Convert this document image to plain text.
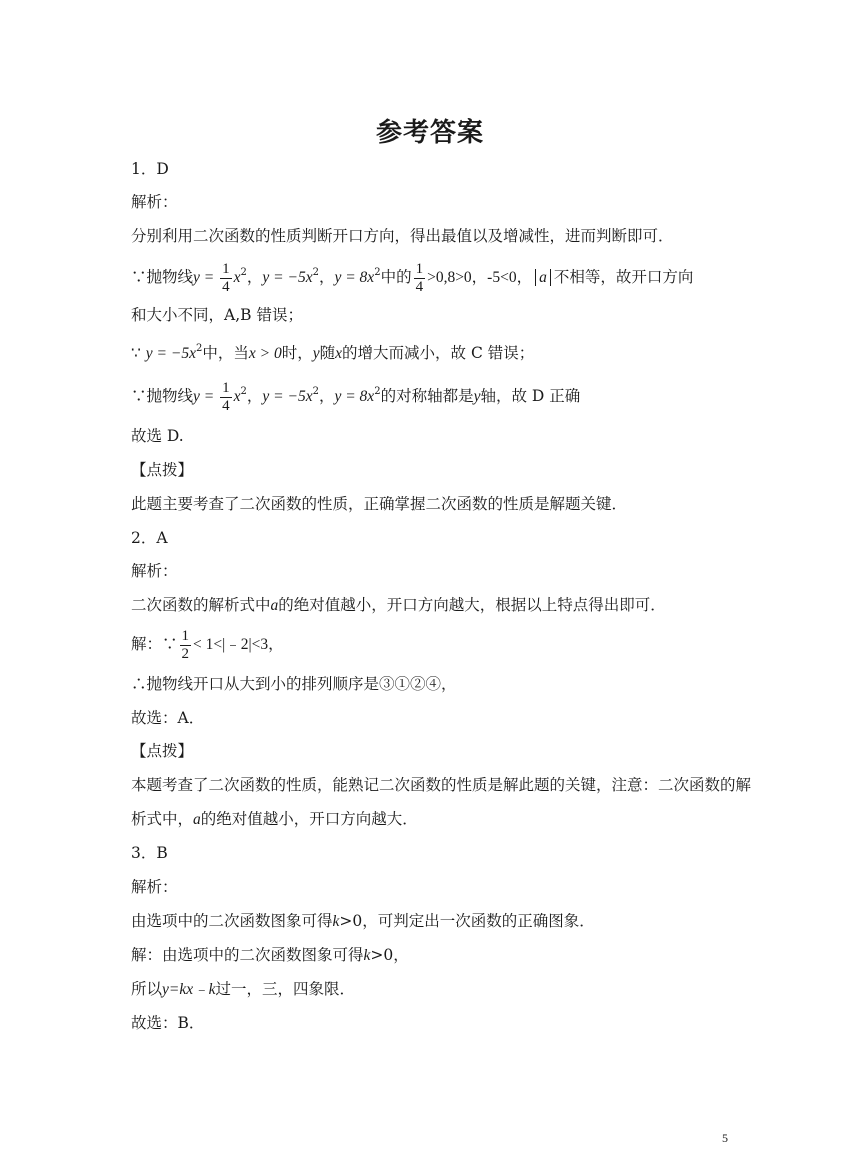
参考答案
1．D
解析：
分别利用二次函数的性质判断开口方向，得出最值以及增减性，进而判断即可．
∵抛物线$y = \frac{1}{4} x^2$，$y = -5x^2$，$y = 8x^2$中的 $\frac{1}{4} >0,8>0$，-5<0， a 不相等，故开口方向
和大小不同，A,B 错误；
∵ $y = -5x^2$中，当x > 0时，y随x的增大而减小，故 C 错误；
∵抛物线$y = \frac{1}{4} x^2$，$y = -5x^2$，$y = 8x^2$的对称轴都是y轴，故 D 正确
故选 D.
【点拨】
此题主要考查了二次函数的性质，正确掌握二次函数的性质是解题关键．
2．A
解析：
二次函数的解析式中a的绝对值越小，开口方向越大，根据以上特点得出即可．
解：∵ $\frac{1}{2}$ < 1<|﹣2|<3，
∴抛物线开口从大到小的排列顺序是③①②④，
故选：A．
【点拨】
本题考查了二次函数的性质，能熟记二次函数的性质是解此题的关键，注意：二次函数的解
析式中，a的绝对值越小，开口方向越大．
3．B
解析：
由选项中的二次函数图象可得k>0，可判定出一次函数的正确图象．
解：由选项中的二次函数图象可得k>0，
所以y=kx﹣k过一，三，四象限．
故选：B．
5
